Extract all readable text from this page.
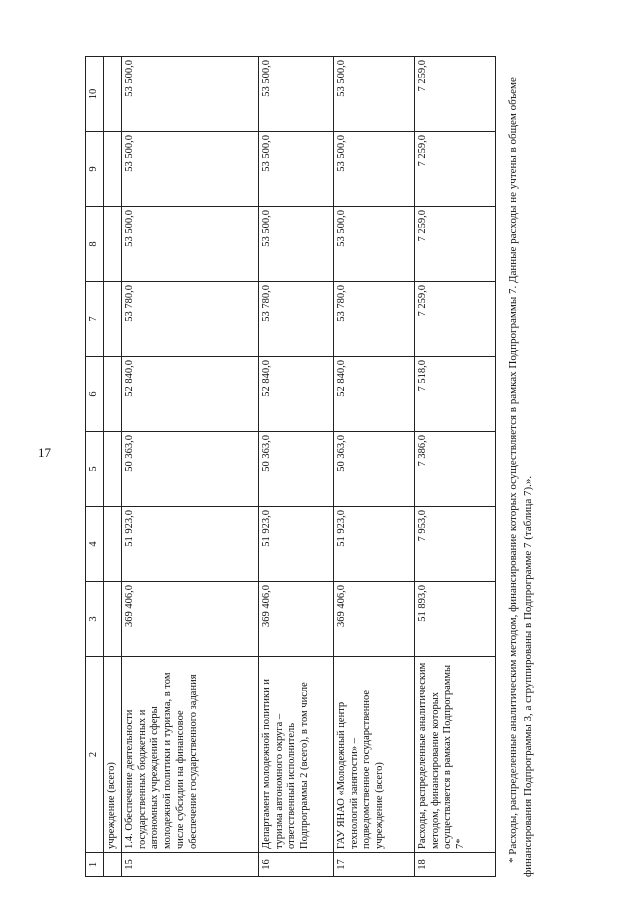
17
1	2	3	4	5	6	7	8	9	10
	учреждение (всего)								
15	1.4. Обеспечение деятельности государственных бюджетных и автономных учреждений сферы молодежной политики и туризма, в том числе субсидии на финансовое обеспечение государственного задания	369 406,0	51 923,0	50 363,0	52 840,0	53 780,0	53 500,0	53 500,0	53 500,0
16	Департамент молодежной политики и туризма автономного округа – ответственный исполнитель Подпрограммы 2 (всего), в том числе	369 406,0	51 923,0	50 363,0	52 840,0	53 780,0	53 500,0	53 500,0	53 500,0
17	ГАУ ЯНАО «Молодежный центр технологий занятости» – подведомственное государственное учреждение (всего)	369 406,0	51 923,0	50 363,0	52 840,0	53 780,0	53 500,0	53 500,0	53 500,0
18	Расходы, распределенные аналитическим методом, финансирование которых осуществляется в рамках Подпрограммы 7*	51 893,0	7 953,0	7 386,0	7 518,0	7 259,0	7 259,0	7 259,0	7 259,0
* Расходы, распределенные аналитическим методом, финансирование которых осуществляется в рамках Подпрограммы 7. Данные расходы не учтены в общем объеме финансирования Подпрограммы 3, а сгруппированы в Подпрограмме 7 (таблица 7).».
